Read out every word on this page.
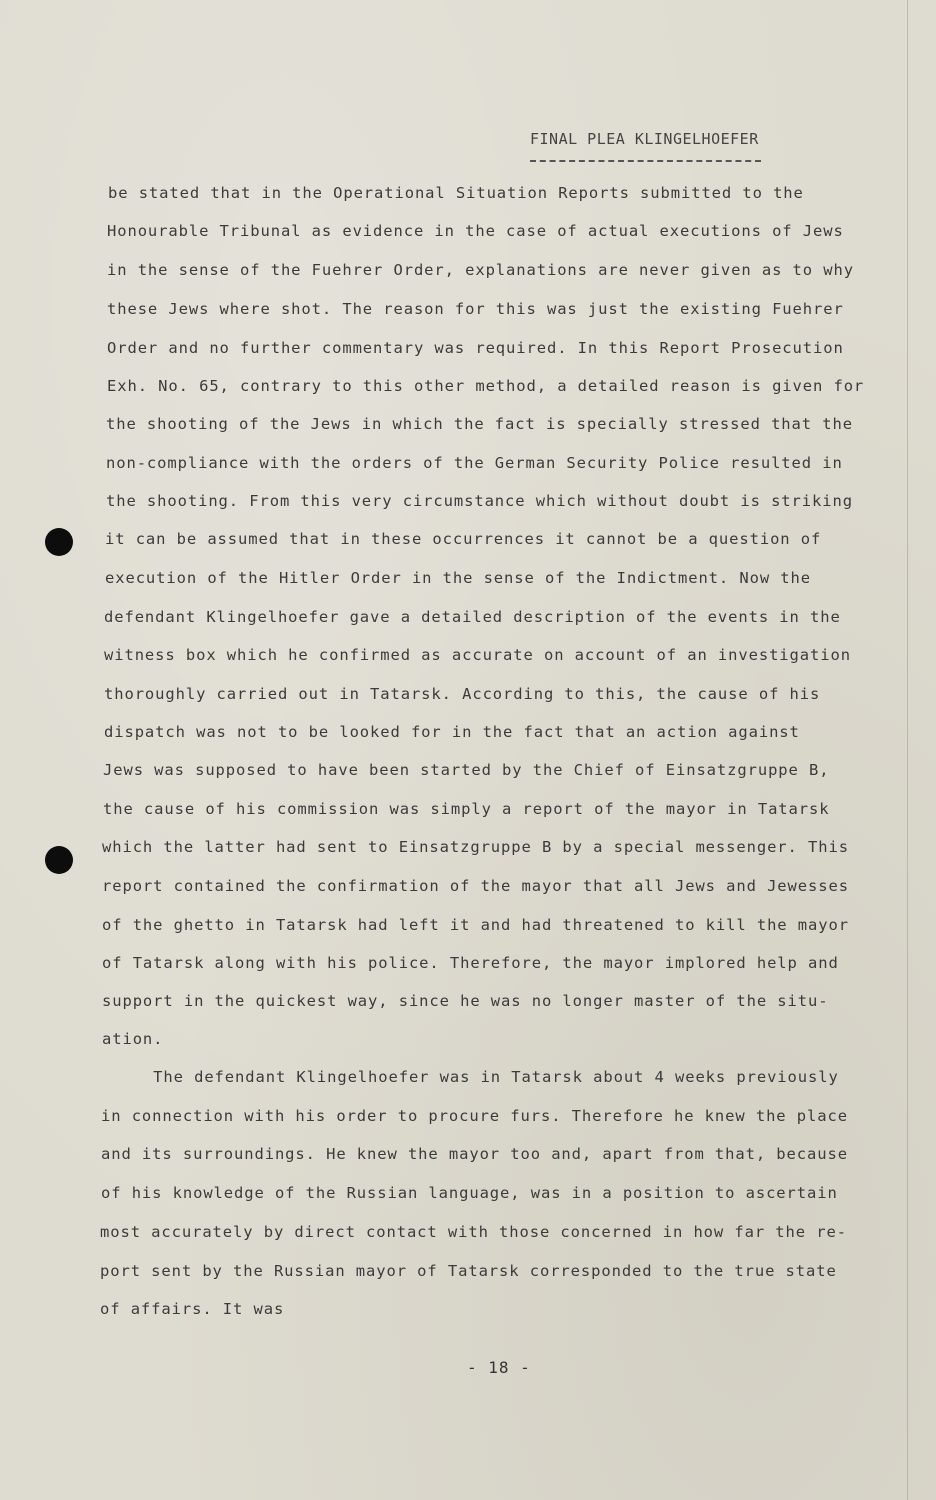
FINAL PLEA KLINGELHOEFER
be stated that in the Operational Situation Reports submitted to the
Honourable Tribunal as evidence in the case of actual executions of Jews
in the sense of the Fuehrer Order, explanations are never given as to why
these Jews where shot. The reason for this was just the existing Fuehrer
Order and no further commentary was required. In this Report Prosecution
Exh. No. 65, contrary to this other method, a detailed reason is given for
the shooting of the Jews in which the fact is specially stressed that the
non-compliance with the orders of the German Security Police resulted in
the shooting. From this very circumstance which without doubt is striking
it can be assumed that in these occurrences it cannot be a question of
execution of the Hitler Order in the sense of the Indictment. Now the
defendant Klingelhoefer gave a detailed description of the events in the
witness box which he confirmed as accurate on account of an investigation
thoroughly carried out in Tatarsk. According to this, the cause of his
dispatch was not to be looked for in the fact that an action against
Jews was supposed to have been started by the Chief of Einsatzgruppe B,
the cause of his commission was simply a report of the mayor in Tatarsk
which the latter had sent to Einsatzgruppe B by a special messenger. This
report contained the confirmation of the mayor that all Jews and Jewesses
of the ghetto in Tatarsk had left it and had threatened to kill the mayor
of Tatarsk along with his police. Therefore, the mayor implored help and
support in the quickest way, since he was no longer master of the situ-
ation.
The defendant Klingelhoefer was in Tatarsk about 4 weeks previously
in connection with his order to procure furs. Therefore he knew the place
and its surroundings. He knew the mayor too and, apart from that, because
of his knowledge of the Russian language, was in a position to ascertain
most accurately by direct contact with those concerned in how far the re-
port sent by the Russian mayor of Tatarsk corresponded to the true state
of affairs. It was
- 18 -
